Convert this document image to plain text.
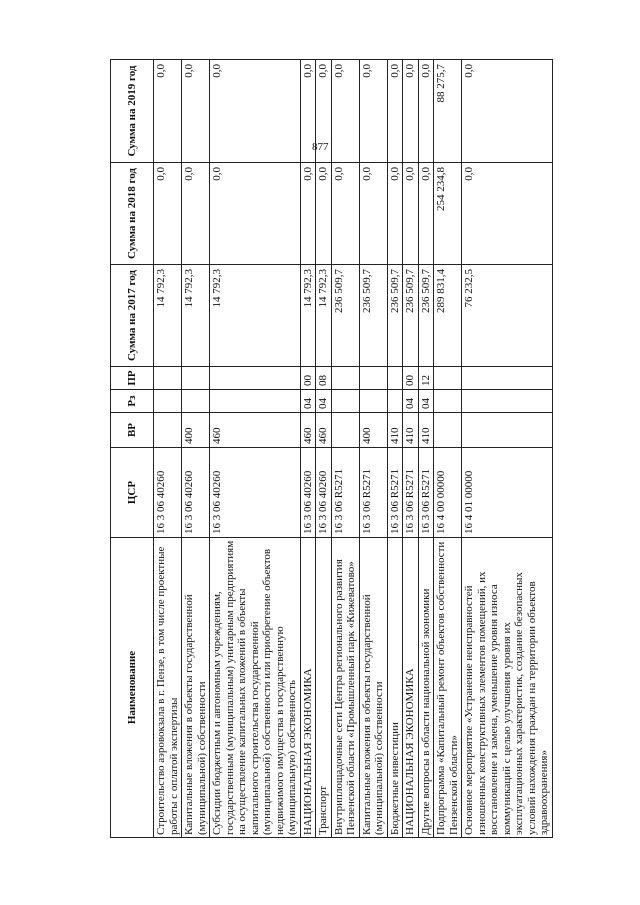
877
Наименование	ЦСР	ВР	Рз	ПР	Сумма на 2017 год	Сумма на 2018 год	Сумма на 2019 год
Строительство аэровокзала в г. Пензе, в том числе проектные работы с оплатой экспертизы	16 3 06 40260				14 792,3	0,0	0,0
Капитальные вложения в объекты государственной (муниципальной) собственности	16 3 06 40260	400			14 792,3	0,0	0,0
Субсидии бюджетным и автономным учреждениям, государственным (муниципальным) унитарным предприятиям на осуществление капитальных вложений в объекты капитального строительства государственной (муниципальной) собственности или приобретение объектов недвижимого имущества в государственную (муниципальную) собственность	16 3 06 40260	460			14 792,3	0,0	0,0
НАЦИОНАЛЬНАЯ ЭКОНОМИКА	16 3 06 40260	460	04	00	14 792,3	0,0	0,0
Транспорт	16 3 06 40260	460	04	08	14 792,3	0,0	0,0
Внутриплощадочные сети Центра регионального развития Пензенской области «Промышленный парк «Кижеватово»	16 3 06 R5271				236 509,7	0,0	0,0
Капитальные вложения в объекты государственной (муниципальной) собственности	16 3 06 R5271	400			236 509,7	0,0	0,0
Бюджетные инвестиции	16 3 06 R5271	410			236 509,7	0,0	0,0
НАЦИОНАЛЬНАЯ ЭКОНОМИКА	16 3 06 R5271	410	04	00	236 509,7	0,0	0,0
Другие вопросы в области национальной экономики	16 3 06 R5271	410	04	12	236 509,7	0,0	0,0
Подпрограмма «Капитальный ремонт объектов собственности Пензенской области»	16 4 00 00000				289 831,4	254 234,8	88 275,7
Основное мероприятие «Устранение неисправностей изношенных конструктивных элементов помещений, их восстановление и замена, уменьшение уровня износа коммуникаций с целью улучшения уровня их эксплуатационных характеристик, создание безопасных условий нахождения граждан на территории объектов здравоохранения»	16 4 01 00000				76 232,5	0,0	0,0
